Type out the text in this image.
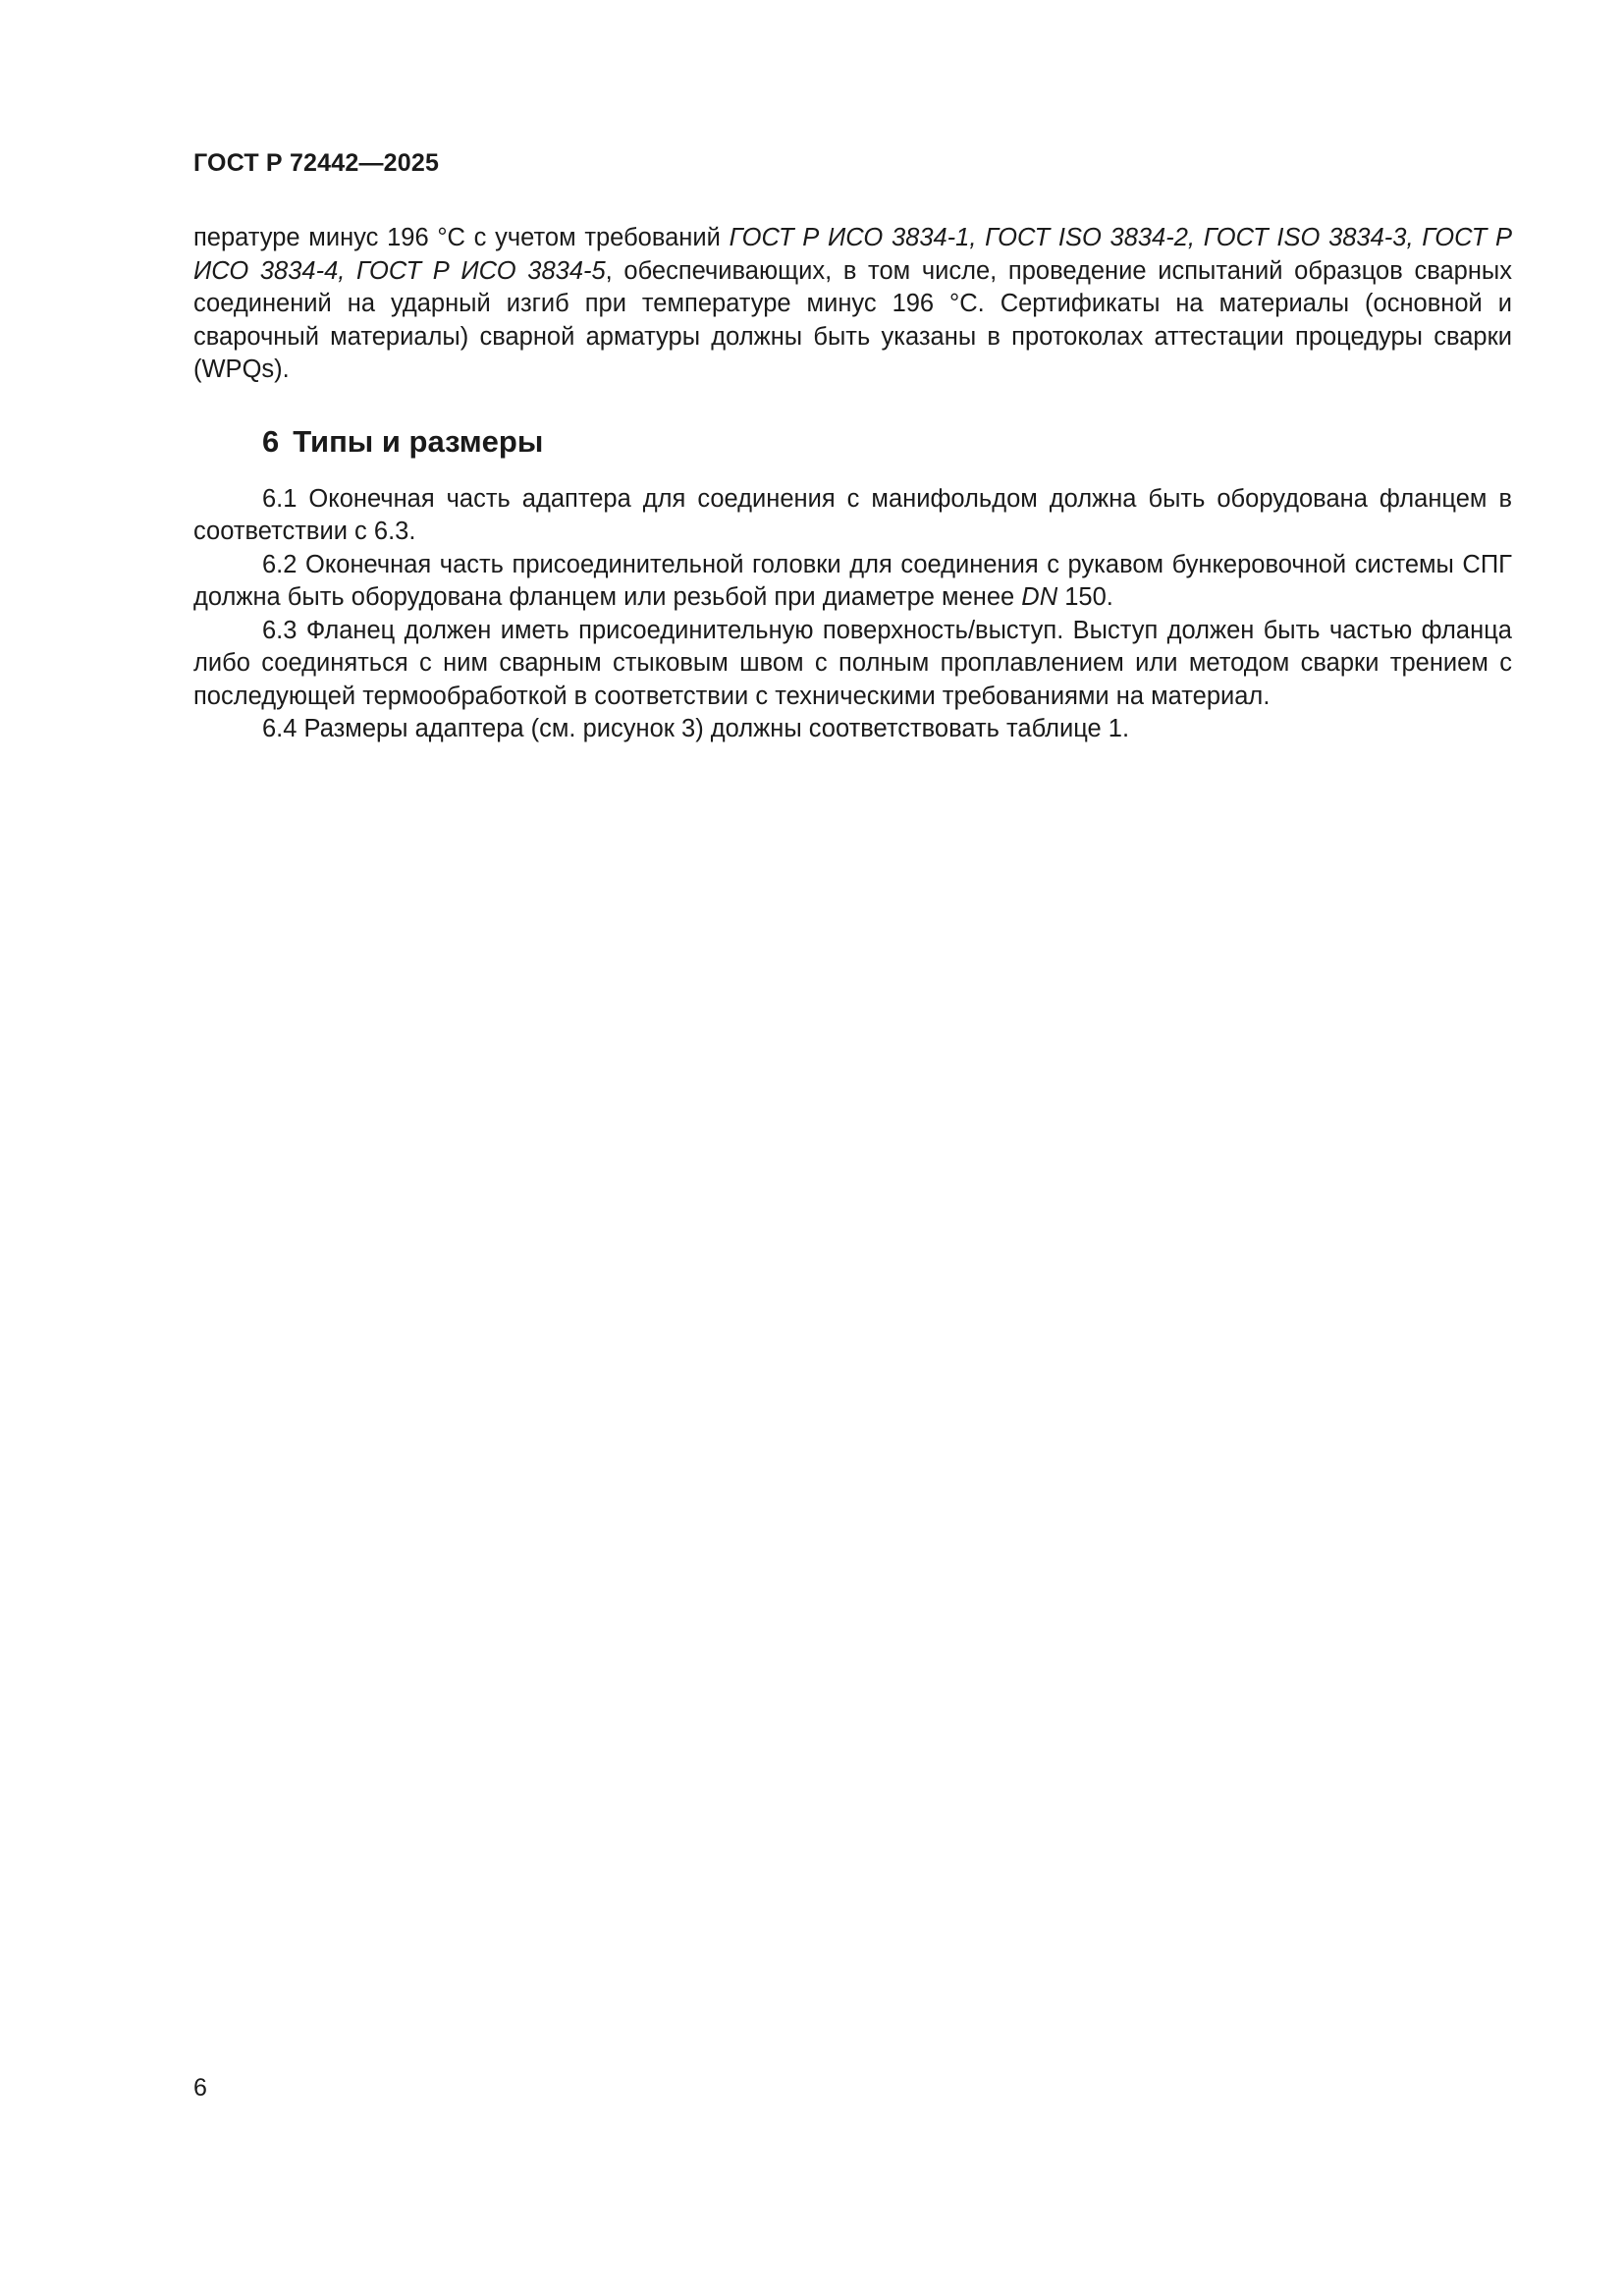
ГОСТ Р 72442—2025

пературе минус 196 °С с учетом требований ГОСТ Р ИСО 3834-1, ГОСТ ISO 3834-2, ГОСТ ISO 3834-3, ГОСТ Р ИСО 3834-4, ГОСТ Р ИСО 3834-5, обеспечивающих, в том числе, проведение испытаний образцов сварных соединений на ударный изгиб при температуре минус 196 °С. Сертификаты на материалы (основной и сварочный материалы) сварной арматуры должны быть указаны в протоколах аттестации процедуры сварки (WPQs).

6 Типы и размеры

6.1 Оконечная часть адаптера для соединения с манифольдом должна быть оборудована фланцем в соответствии с 6.3.

6.2 Оконечная часть присоединительной головки для соединения с рукавом бункеровочной системы СПГ должна быть оборудована фланцем или резьбой при диаметре менее DN 150.

6.3 Фланец должен иметь присоединительную поверхность/выступ. Выступ должен быть частью фланца либо соединяться с ним сварным стыковым швом с полным проплавлением или методом сварки трением с последующей термообработкой в соответствии с техническими требованиями на материал.

6.4 Размеры адаптера (см. рисунок 3) должны соответствовать таблице 1.

6
